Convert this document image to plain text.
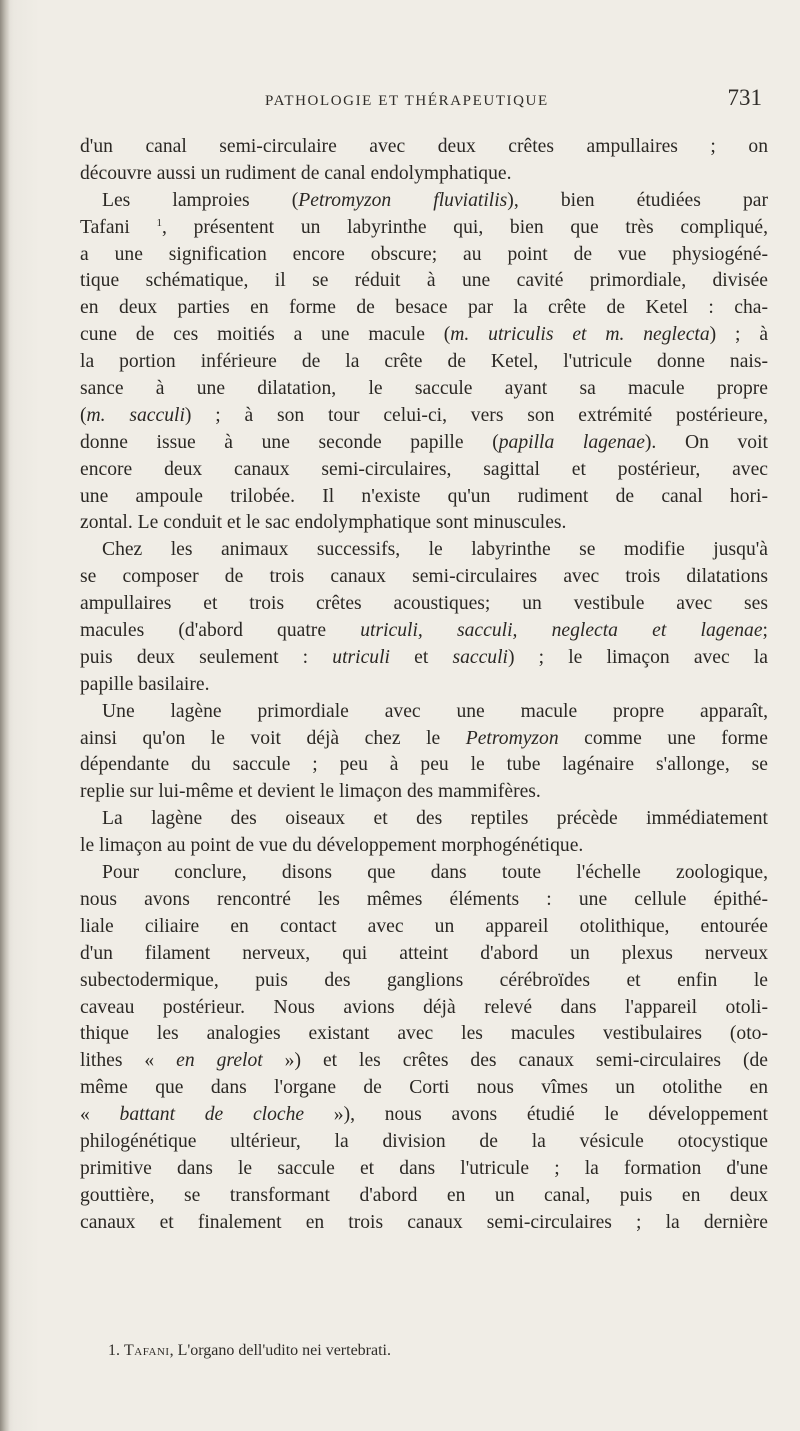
PATHOLOGIE ET THÉRAPEUTIQUE	731
d'un canal semi-circulaire avec deux crêtes ampullaires ; on
découvre aussi un rudiment de canal endolymphatique.
Les lamproies (Petromyzon fluviatilis), bien étudiées par
Tafani $^1$, présentent un labyrinthe qui, bien que très compliqué,
a une signification encore obscure; au point de vue physiogéné-
tique schématique, il se réduit à une cavité primordiale, divisée
en deux parties en forme de besace par la crête de Ketel : cha-
cune de ces moitiés a une macule (m. utriculis et m. neglecta) ; à
la portion inférieure de la crête de Ketel, l'utricule donne nais-
sance à une dilatation, le saccule ayant sa macule propre
(m. sacculi) ; à son tour celui-ci, vers son extrémité postérieure,
donne issue à une seconde papille (papilla lagenae). On voit
encore deux canaux semi-circulaires, sagittal et postérieur, avec
une ampoule trilobée. Il n'existe qu'un rudiment de canal hori-
zontal. Le conduit et le sac endolymphatique sont minuscules.
Chez les animaux successifs, le labyrinthe se modifie jusqu'à
se composer de trois canaux semi-circulaires avec trois dilatations
ampullaires et trois crêtes acoustiques; un vestibule avec ses
macules (d'abord quatre utriculi, sacculi, neglecta et lagenae;
puis deux seulement : utriculi et sacculi) ; le limaçon avec la
papille basilaire.
Une lagène primordiale avec une macule propre apparaît,
ainsi qu'on le voit déjà chez le Petromyzon comme une forme
dépendante du saccule ; peu à peu le tube lagénaire s'allonge, se
replie sur lui-même et devient le limaçon des mammifères.
La lagène des oiseaux et des reptiles précède immédiatement
le limaçon au point de vue du développement morphogénétique.
Pour conclure, disons que dans toute l'échelle zoologique,
nous avons rencontré les mêmes éléments : une cellule épithé-
liale ciliaire en contact avec un appareil otolithique, entourée
d'un filament nerveux, qui atteint d'abord un plexus nerveux
subectodermique, puis des ganglions cérébroïdes et enfin le
caveau postérieur. Nous avions déjà relevé dans l'appareil otoli-
thique les analogies existant avec les macules vestibulaires (oto-
lithes « en grelot ») et les crêtes des canaux semi-circulaires (de
même que dans l'organe de Corti nous vîmes un otolithe en
« battant de cloche »), nous avons étudié le développement
philogénétique ultérieur, la division de la vésicule otocystique
primitive dans le saccule et dans l'utricule ; la formation d'une
gouttière, se transformant d'abord en un canal, puis en deux
canaux et finalement en trois canaux semi-circulaires ; la dernière
1. Tafani, L'organo dell'udito nei vertebrati.
